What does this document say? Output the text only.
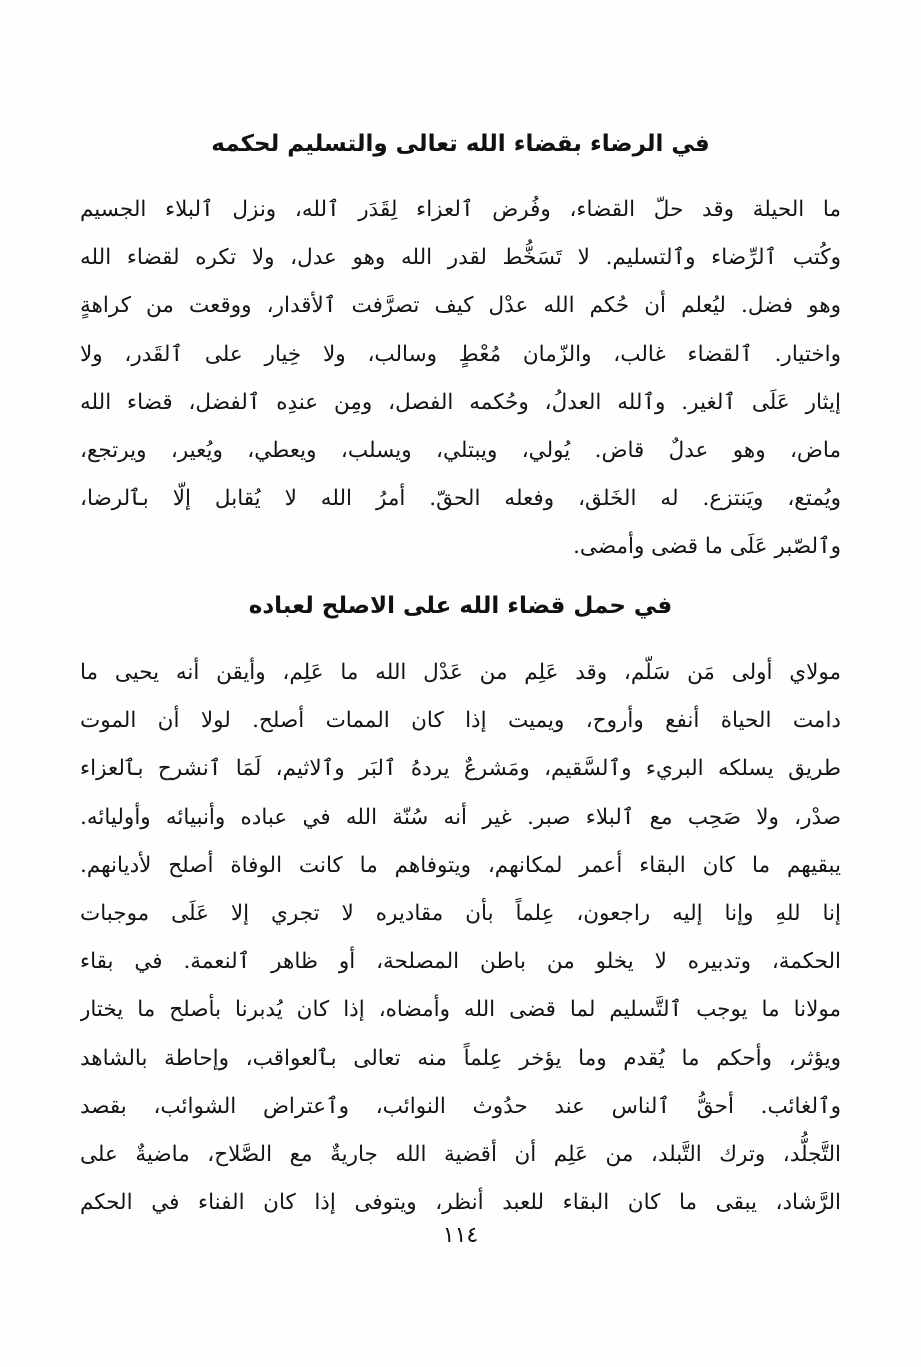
في الرضاء بقضاء الله تعالى والتسليم لحكمه
ما الحيلة وقد حلّ القضاء، وفُرض ٱلعزاء لِقَدَر ٱلله، ونزل ٱلبلاء الجسيم
وكُتب ٱلرِّضاء وٱلتسليم. لا تَسَخُّط لقدر الله وهو عدل، ولا تكره لقضاء الله
وهو فضل. ليُعلم أن حُكم الله عدْل كيف تصرَّفت ٱلأقدار، ووقعت من كراهةٍ
واختيار. ٱلقضاء غالب، والزّمان مُعْطٍ وسالب، ولا خِيار على ٱلقَدر، ولا
إيثار عَلَى ٱلغير. وٱلله العدلُ، وحُكمه الفصل، ومِن عندِه ٱلفضل، قضاء الله
ماض، وهو عدلٌ قاض. يُولي، ويبتلي، ويسلب، ويعطي، ويُعير، ويرتجع،
ويُمتع، ويَنتزع. له الخَلق، وفعله الحقّ. أمرُ الله لا يُقابل إلّا بٱلرضا،
وٱلصّبر عَلَى ما قضى وأمضى.
في حمل قضاء الله على الاصلح لعباده
مولاي أولى مَن سَلّم، وقد عَلِم من عَدْل الله ما عَلِم، وأيقن أنه يحيى ما
دامت الحياة أنفع وأروح، ويميت إذا كان الممات أصلح. لولا أن الموت
طريق يسلكه البريء وٱلسَّقيم، ومَشرعٌ يردهُ ٱلبَر وٱلاثيم، لَمَا ٱنشرح بٱلعزاء
صدْر، ولا صَحِب مع ٱلبلاء صبر. غير أنه سُنّة الله في عباده وأنبيائه وأوليائه.
يبقيهم ما كان البقاء أعمر لمكانهم، ويتوفاهم ما كانت الوفاة أصلح لأديانهم.
إنا للهِ وإنا إليه راجعون، عِلماً بأن مقاديره لا تجري إلا عَلَى موجبات
الحكمة، وتدبيره لا يخلو من باطن المصلحة، أو ظاهر ٱلنعمة. في بقاء
مولانا ما يوجب ٱلتَّسليم لما قضى الله وأمضاه، إذا كان يُدبرنا بأصلح ما يختار
ويؤثر، وأحكم ما يُقدم وما يؤخر عِلماً منه تعالى بٱلعواقب، وإحاطة بالشاهد
وٱلغائب. أحقُّ ٱلناس عند حدُوث النوائب، وٱعتراض الشوائب، بقصد
التَّجلُّد، وترك التَّبلد، من عَلِم أن أقضية الله جاريةٌ مع الصَّلاح، ماضيةٌ على
الرَّشاد، يبقى ما كان البقاء للعبد أنظر، ويتوفى إذا كان الفناء في الحكم

١١٤
